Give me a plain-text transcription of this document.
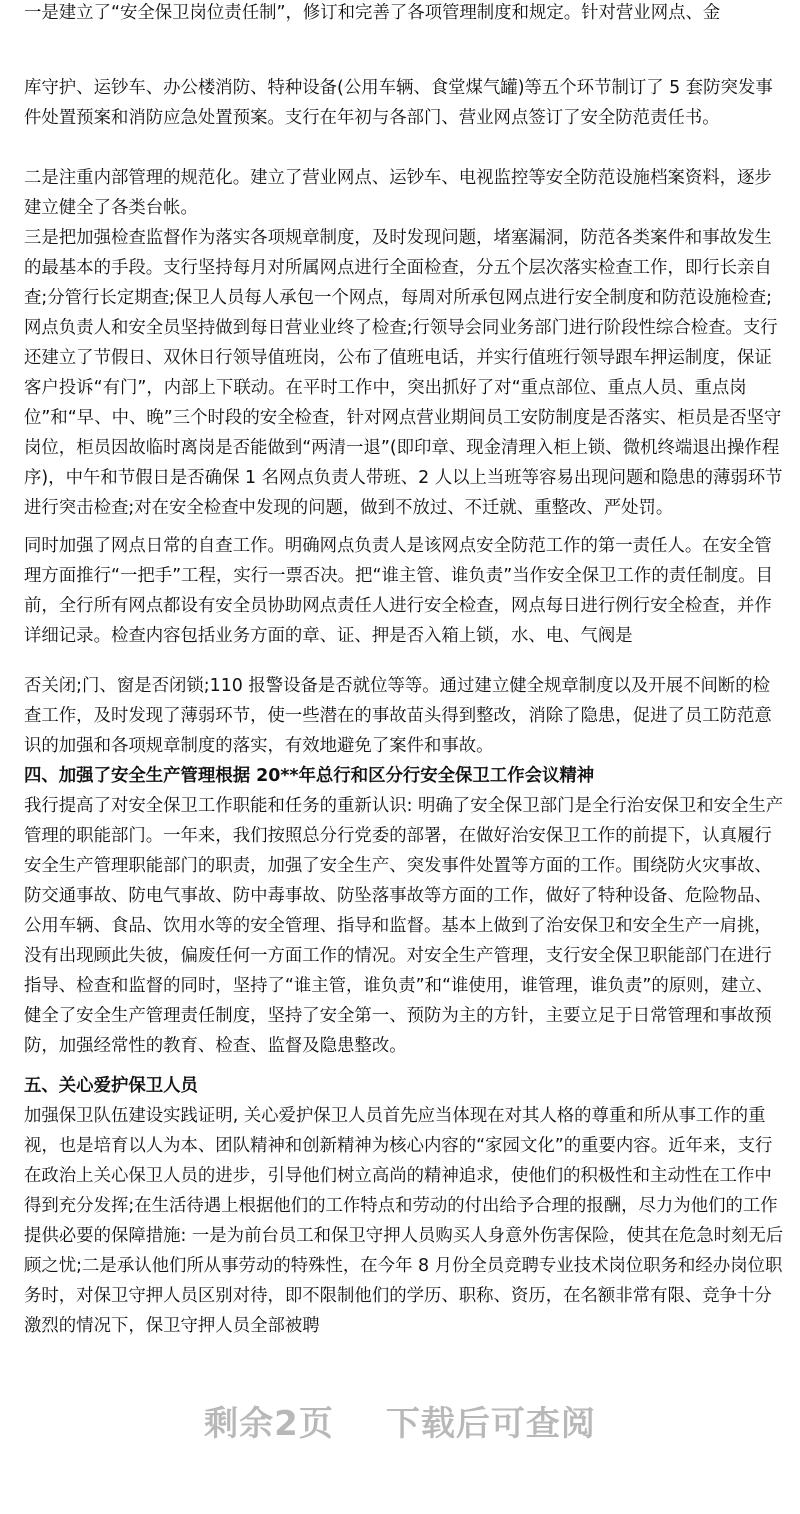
一是建立了“安全保卫岗位责任制”，修订和完善了各项管理制度和规定。针对营业网点、金

库守护、运钞车、办公楼消防、特种设备(公用车辆、食堂煤气罐)等五个环节制订了 5 套防突发事件处置预案和消防应急处置预案。支行在年初与各部门、营业网点签订了安全防范责任书。

二是注重内部管理的规范化。建立了营业网点、运钞车、电视监控等安全防范设施档案资料，逐步建立健全了各类台帐。

三是把加强检查监督作为落实各项规章制度，及时发现问题，堵塞漏洞，防范各类案件和事故发生的最基本的手段。支行坚持每月对所属网点进行全面检查，分五个层次落实检查工作，即行长亲自查;分管行长定期查;保卫人员每人承包一个网点，每周对所承包网点进行安全制度和防范设施检查;网点负责人和安全员坚持做到每日营业业终了检查;行领导会同业务部门进行阶段性综合检查。支行还建立了节假日、双休日行领导值班岗，公布了值班电话，并实行值班行领导跟车押运制度，保证客户投诉“有门”，内部上下联动。在平时工作中，突出抓好了对“重点部位、重点人员、重点岗位”和“早、中、晚”三个时段的安全检查，针对网点营业期间员工安防制度是否落实、柜员是否坚守岗位，柜员因故临时离岗是否能做到“两清一退”(即印章、现金清理入柜上锁、微机终端退出操作程序)，中午和节假日是否确保 1 名网点负责人带班、2 人以上当班等容易出现问题和隐患的薄弱环节进行突击检查;对在安全检查中发现的问题，做到不放过、不迁就、重整改、严处罚。

同时加强了网点日常的自查工作。明确网点负责人是该网点安全防范工作的第一责任人。在安全管理方面推行“一把手”工程，实行一票否决。把“谁主管、谁负责”当作安全保卫工作的责任制度。目前，全行所有网点都设有安全员协助网点责任人进行安全检查，网点每日进行例行安全检查，并作详细记录。检查内容包括业务方面的章、证、押是否入箱上锁，水、电、气阀是

否关闭;门、窗是否闭锁;110 报警设备是否就位等等。通过建立健全规章制度以及开展不间断的检查工作，及时发现了薄弱环节，使一些潜在的事故苗头得到整改，消除了隐患，促进了员工防范意识的加强和各项规章制度的落实，有效地避免了案件和事故。

四、加强了安全生产管理根据 20**年总行和区分行安全保卫工作会议精神

我行提高了对安全保卫工作职能和任务的重新认识: 明确了安全保卫部门是全行治安保卫和安全生产管理的职能部门。一年来，我们按照总分行党委的部署，在做好治安保卫工作的前提下，认真履行安全生产管理职能部门的职责，加强了安全生产、突发事件处置等方面的工作。围绕防火灾事故、防交通事故、防电气事故、防中毒事故、防坠落事故等方面的工作，做好了特种设备、危险物品、公用车辆、食品、饮用水等的安全管理、指导和监督。基本上做到了治安保卫和安全生产一肩挑，没有出现顾此失彼，偏废任何一方面工作的情况。对安全生产管理，支行安全保卫职能部门在进行指导、检查和监督的同时，坚持了“谁主管，谁负责”和“谁使用，谁管理，谁负责”的原则，建立、健全了安全生产管理责任制度，坚持了安全第一、预防为主的方针，主要立足于日常管理和事故预防，加强经常性的教育、检查、监督及隐患整改。

五、关心爱护保卫人员

加强保卫队伍建设实践证明, 关心爱护保卫人员首先应当体现在对其人格的尊重和所从事工作的重视，也是培育以人为本、团队精神和创新精神为核心内容的“家园文化”的重要内容。近年来，支行在政治上关心保卫人员的进步，引导他们树立高尚的精神追求，使他们的积极性和主动性在工作中得到充分发挥;在生活待遇上根据他们的工作特点和劳动的付出给予合理的报酬，尽力为他们的工作提供必要的保障措施: 一是为前台员工和保卫守押人员购买人身意外伤害保险，使其在危急时刻无后顾之忧;二是承认他们所从事劳动的特殊性，在今年 8 月份全员竞聘专业技术岗位职务和经办岗位职务时，对保卫守押人员区别对待，即不限制他们的学历、职称、资历，在名额非常有限、竞争十分激烈的情况下，保卫守押人员全部被聘

剩余2页 下载后可查阅
